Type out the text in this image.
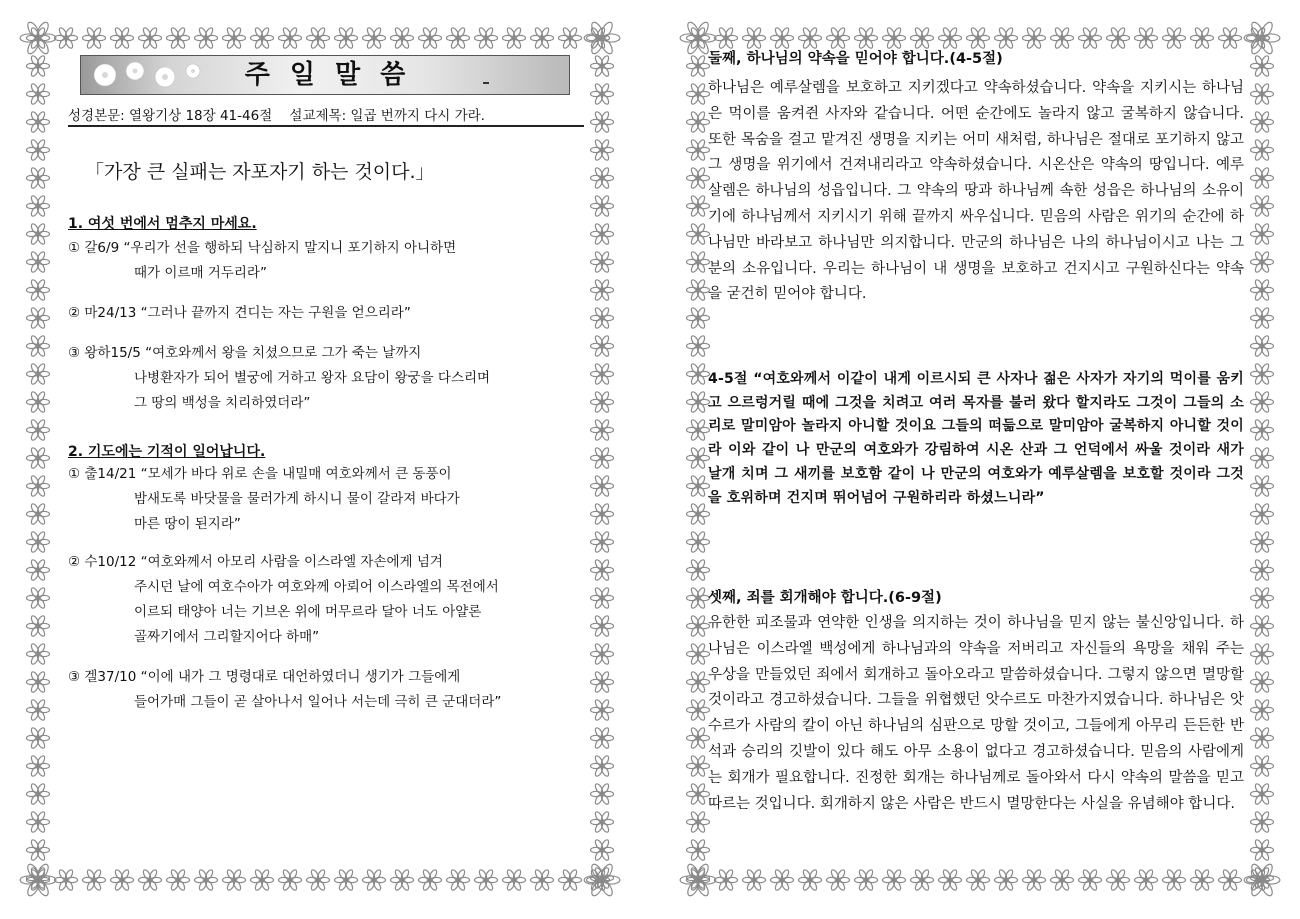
주일말씀
성경본문: 열왕기상 18장 41-46절 설교제목: 일곱 번까지 다시 가라.
「가장 큰 실패는 자포자기 하는 것이다.」
1. 여섯 번에서 멈추지 마세요.
① 갈6/9 “우리가 선을 행하되 낙심하지 말지니 포기하지 아니하면
때가 이르매 거두리라”
② 마24/13 “그러나 끝까지 견디는 자는 구원을 얻으리라”
③ 왕하15/5 “여호와께서 왕을 치셨으므로 그가 죽는 날까지
나병환자가 되어 별궁에 거하고 왕자 요담이 왕궁을 다스리며
그 땅의 백성을 치리하였더라”
2. 기도에는 기적이 일어납니다.
① 출14/21 “모세가 바다 위로 손을 내밀매 여호와께서 큰 동풍이
밤새도록 바닷물을 물러가게 하시니 물이 갈라져 바다가
마른 땅이 된지라”
② 수10/12 “여호와께서 아모리 사람을 이스라엘 자손에게 넘겨
주시던 날에 여호수아가 여호와께 아뢰어 이스라엘의 목전에서
이르되 태양아 너는 기브온 위에 머무르라 달아 너도 아얄론
골짜기에서 그리할지어다 하매”
③ 겔37/10 “이에 내가 그 명령대로 대언하였더니 생기가 그들에게
들어가매 그들이 곧 살아나서 일어나 서는데 극히 큰 군대더라”
둘째, 하나님의 약속을 믿어야 합니다.(4-5절)
하나님은 예루살렘을 보호하고 지키겠다고 약속하셨습니다. 약속을 지키시는 하나님은 먹이를 움켜쥔 사자와 같습니다. 어떤 순간에도 놀라지 않고 굴복하지 않습니다. 또한 목숨을 걸고 맡겨진 생명을 지키는 어미 새처럼, 하나님은 절대로 포기하지 않고 그 생명을 위기에서 건져내리라고 약속하셨습니다. 시온산은 약속의 땅입니다. 예루살렘은 하나님의 성읍입니다. 그 약속의 땅과 하나님께 속한 성읍은 하나님의 소유이기에 하나님께서 지키시기 위해 끝까지 싸우십니다. 믿음의 사람은 위기의 순간에 하나님만 바라보고 하나님만 의지합니다. 만군의 하나님은 나의 하나님이시고 나는 그분의 소유입니다. 우리는 하나님이 내 생명을 보호하고 건지시고 구원하신다는 약속을 굳건히 믿어야 합니다.
4-5절 “여호와께서 이같이 내게 이르시되 큰 사자나 젊은 사자가 자기의 먹이를 움키고 으르렁거릴 때에 그것을 치려고 여러 목자를 불러 왔다 할지라도 그것이 그들의 소리로 말미암아 놀라지 아니할 것이요 그들의 떠듦으로 말미암아 굴복하지 아니할 것이라 이와 같이 나 만군의 여호와가 강림하여 시온 산과 그 언덕에서 싸울 것이라 새가 날개 치며 그 새끼를 보호함 같이 나 만군의 여호와가 예루살렘을 보호할 것이라 그것을 호위하며 건지며 뛰어넘어 구원하리라 하셨느니라”
셋째, 죄를 회개해야 합니다.(6-9절)
유한한 피조물과 연약한 인생을 의지하는 것이 하나님을 믿지 않는 불신앙입니다. 하나님은 이스라엘 백성에게 하나님과의 약속을 저버리고 자신들의 욕망을 채워 주는 우상을 만들었던 죄에서 회개하고 돌아오라고 말씀하셨습니다. 그렇지 않으면 멸망할 것이라고 경고하셨습니다. 그들을 위협했던 앗수르도 마찬가지였습니다. 하나님은 앗수르가 사람의 칼이 아닌 하나님의 심판으로 망할 것이고, 그들에게 아무리 든든한 반석과 승리의 깃발이 있다 해도 아무 소용이 없다고 경고하셨습니다. 믿음의 사람에게는 회개가 필요합니다. 진정한 회개는 하나님께로 돌아와서 다시 약속의 말씀을 믿고 따르는 것입니다. 회개하지 않은 사람은 반드시 멸망한다는 사실을 유념해야 합니다.
